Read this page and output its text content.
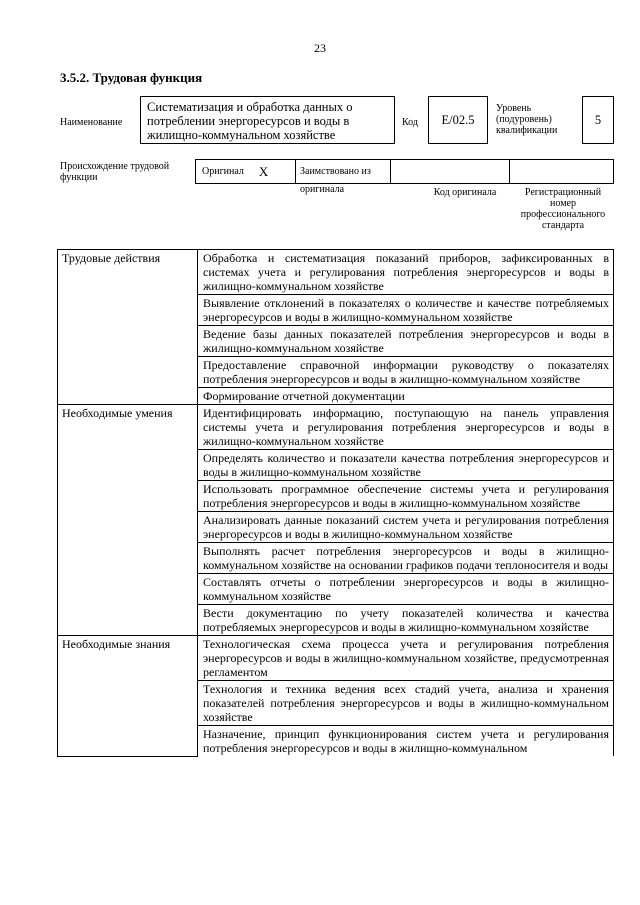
23
3.5.2. Трудовая функция
Наименование
Систематизация и обработка данных о потреблении энергоресурсов и воды в жилищно-коммунальном хозяйстве
Код	E/02.5
Уровень (подуровень) квалификации
5
Происхождение трудовой функции
Оригинал X	Заимствовано из оригинала	Код оригинала	Регистрационный номер профессионального стандарта
Трудовые действия	Обработка и систематизация показаний приборов, зафиксированных в системах учета и регулирования потребления энергоресурсов и воды в жилищно-коммунальном хозяйстве
	Выявление отклонений в показателях о количестве и качестве потребляемых энергоресурсов и воды в жилищно-коммунальном хозяйстве
	Ведение базы данных показателей потребления энергоресурсов и воды в жилищно-коммунальном хозяйстве
	Предоставление справочной информации руководству о показателях потребления энергоресурсов и воды в жилищно-коммунальном хозяйстве
	Формирование отчетной документации
Необходимые умения	Идентифицировать информацию, поступающую на панель управления системы учета и регулирования потребления энергоресурсов и воды в жилищно-коммунальном хозяйстве
	Определять количество и показатели качества потребления энергоресурсов и воды в жилищно-коммунальном хозяйстве
	Использовать программное обеспечение системы учета и регулирования потребления энергоресурсов и воды в жилищно-коммунальном хозяйстве
	Анализировать данные показаний систем учета и регулирования потребления энергоресурсов и воды в жилищно-коммунальном хозяйстве
	Выполнять расчет потребления энергоресурсов и воды в жилищно-коммунальном хозяйстве на основании графиков подачи теплоносителя и воды
	Составлять отчеты о потреблении энергоресурсов и воды в жилищно-коммунальном хозяйстве
	Вести документацию по учету показателей количества и качества потребляемых энергоресурсов и воды в жилищно-коммунальном хозяйстве
Необходимые знания	Технологическая схема процесса учета и регулирования потребления энергоресурсов и воды в жилищно-коммунальном хозяйстве, предусмотренная регламентом
	Технология и техника ведения всех стадий учета, анализа и хранения показателей потребления энергоресурсов и воды в жилищно-коммунальном хозяйстве
	Назначение, принцип функционирования систем учета и регулирования потребления энергоресурсов и воды в жилищно-коммунальном
